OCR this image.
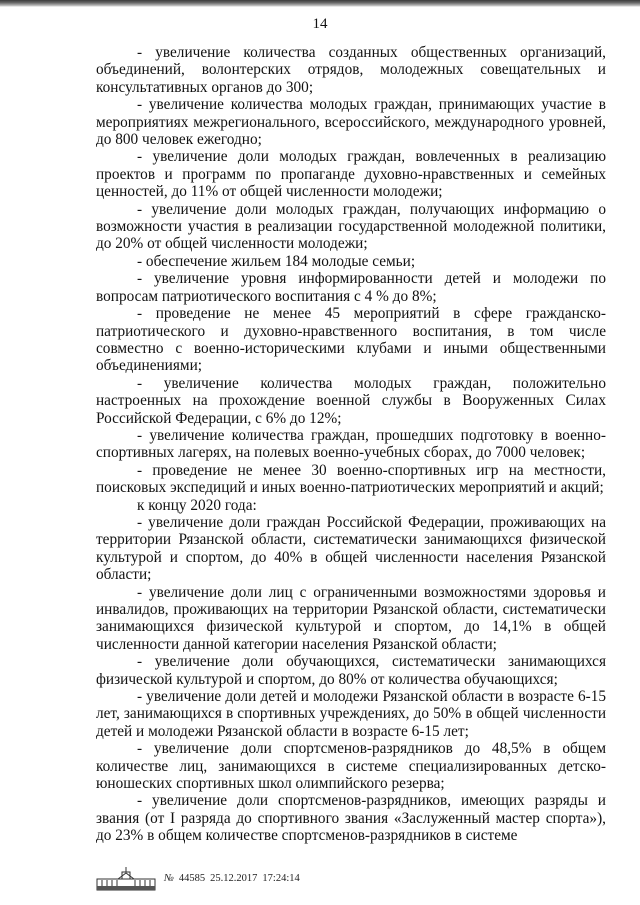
14

- увеличение количества созданных общественных организаций, объединений, волонтерских отрядов, молодежных совещательных и консультативных органов до 300;

- увеличение количества молодых граждан, принимающих участие в мероприятиях межрегионального, всероссийского, международного уровней, до 800 человек ежегодно;

- увеличение доли молодых граждан, вовлеченных в реализацию проектов и программ по пропаганде духовно-нравственных и семейных ценностей, до 11% от общей численности молодежи;

- увеличение доли молодых граждан, получающих информацию о возможности участия в реализации государственной молодежной политики, до 20% от общей численности молодежи;

- обеспечение жильем 184 молодые семьи;

- увеличение уровня информированности детей и молодежи по вопросам патриотического воспитания с 4 % до 8%;

- проведение не менее 45 мероприятий в сфере гражданско-патриотического и духовно-нравственного воспитания, в том числе совместно с военно-историческими клубами и иными общественными объединениями;

- увеличение количества молодых граждан, положительно настроенных на прохождение военной службы в Вооруженных Силах Российской Федерации, с 6% до 12%;

- увеличение количества граждан, прошедших подготовку в военно-спортивных лагерях, на полевых военно-учебных сборах, до 7000 человек;

- проведение не менее 30 военно-спортивных игр на местности, поисковых экспедиций и иных военно-патриотических мероприятий и акций;

к концу 2020 года:

- увеличение доли граждан Российской Федерации, проживающих на территории Рязанской области, систематически занимающихся физической культурой и спортом, до 40% в общей численности населения Рязанской области;

- увеличение доли лиц с ограниченными возможностями здоровья и инвалидов, проживающих на территории Рязанской области, систематически занимающихся физической культурой и спортом, до 14,1% в общей численности данной категории населения Рязанской области;

- увеличение доли обучающихся, систематически занимающихся физической культурой и спортом, до 80% от количества обучающихся;

- увеличение доли детей и молодежи Рязанской области в возрасте 6-15 лет, занимающихся в спортивных учреждениях, до 50% в общей численности детей и молодежи Рязанской области в возрасте 6-15 лет;

- увеличение доли спортсменов-разрядников до 48,5% в общем количестве лиц, занимающихся в системе специализированных детско-юношеских спортивных школ олимпийского резерва;

- увеличение доли спортсменов-разрядников, имеющих разряды и звания (от I разряда до спортивного звания «Заслуженный мастер спорта»), до 23% в общем количестве спортсменов-разрядников в системе

№ 44585 25.12.2017 17:24:14
